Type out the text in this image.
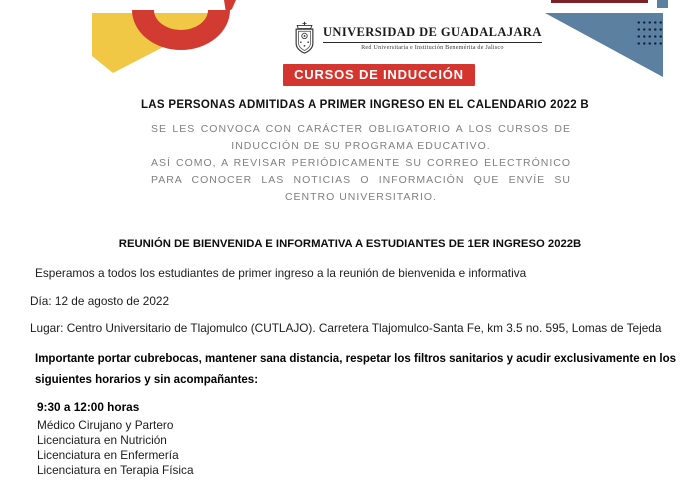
UNIVERSIDAD DE GUADALAJARA
Red Universitaria e Institución Benemérita de Jalisco
CURSOS DE INDUCCIÓN
LAS PERSONAS ADMITIDAS A PRIMER INGRESO EN EL CALENDARIO 2022 B
SE LES CONVOCA CON CARÁCTER OBLIGATORIO A LOS CURSOS DE INDUCCIÓN DE SU PROGRAMA EDUCATIVO.
ASÍ COMO, A REVISAR PERIÓDICAMENTE SU CORREO ELECTRÓNICO PARA CONOCER LAS NOTICIAS O INFORMACIÓN QUE ENVÍE SU CENTRO UNIVERSITARIO.
REUNIÓN DE BIENVENIDA E INFORMATIVA A ESTUDIANTES DE 1ER INGRESO 2022B
Esperamos a todos los estudiantes de primer ingreso a la reunión de bienvenida e informativa
Día: 12 de agosto de 2022
Lugar: Centro Universitario de Tlajomulco (CUTLAJO). Carretera Tlajomulco-Santa Fe, km 3.5 no. 595, Lomas de Tejeda
Importante portar cubrebocas, mantener sana distancia, respetar los filtros sanitarios y acudir exclusivamente en los siguientes horarios y sin acompañantes:
9:30 a 12:00 horas
Médico Cirujano y Partero
Licenciatura en Nutrición
Licenciatura en Enfermería
Licenciatura en Terapia Física
